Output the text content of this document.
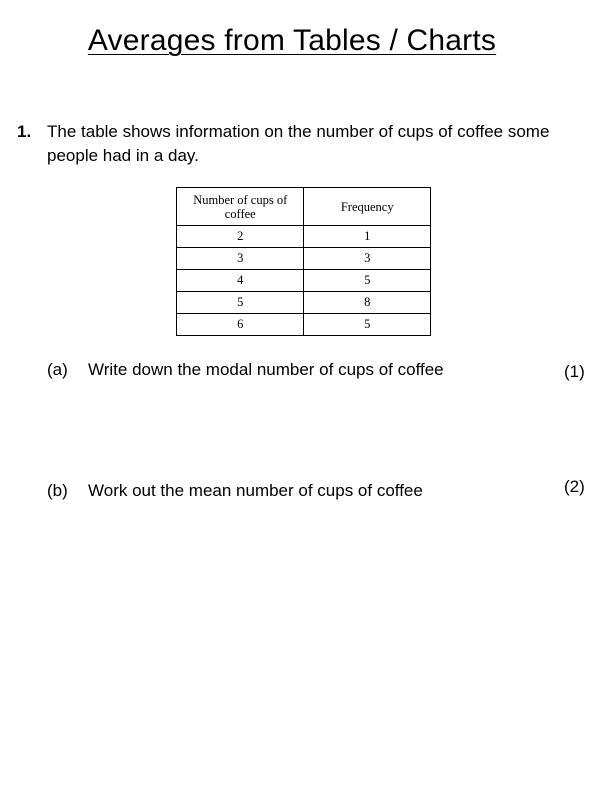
Averages from Tables / Charts
1. The table shows information on the number of cups of coffee some people had in a day.
Number of cups of coffee	Frequency
2	1
3	3
4	5
5	8
6	5
(a) Write down the modal number of cups of coffee	(1)
(b) Work out the mean number of cups of coffee	(2)
